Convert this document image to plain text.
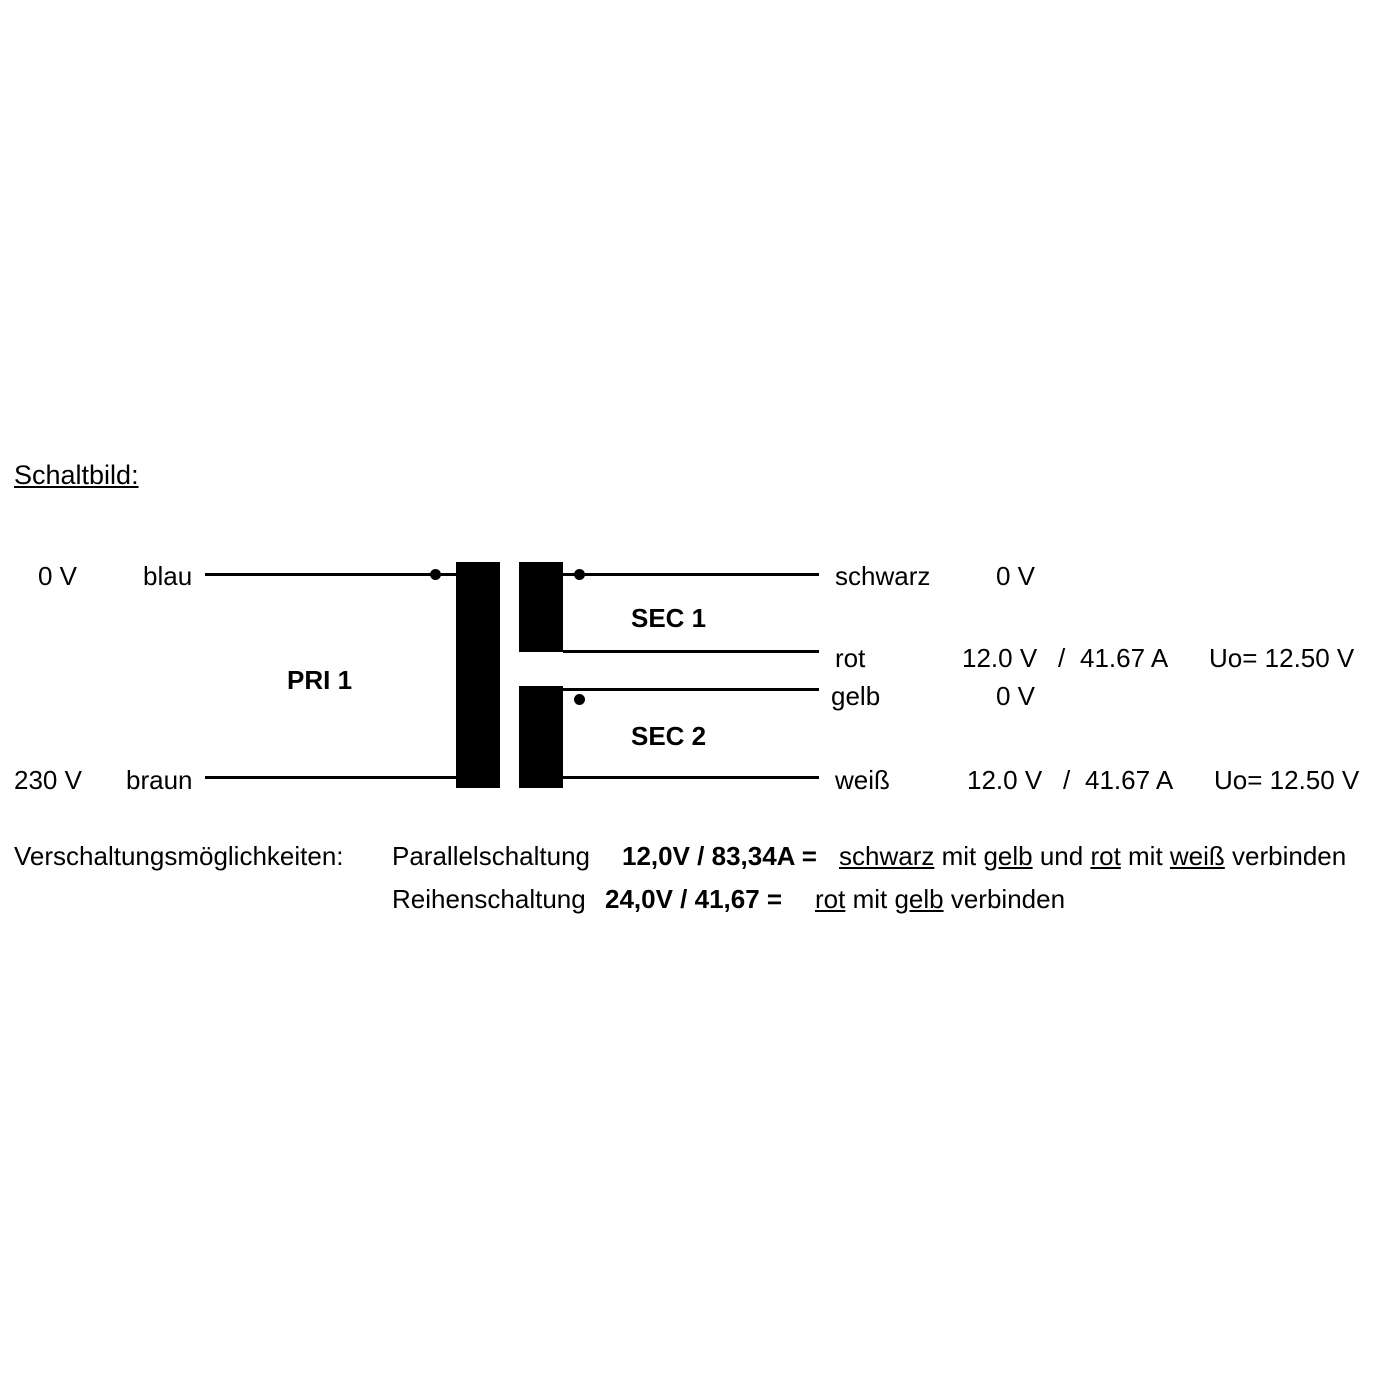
Schaltbild:
0 V	blau
230 V braun
PRI 1
SEC 1
schwarz	0 V
rot	12.0 V / 41.67 A Uo= 12.50 V
SEC 2
gelb	0 V
weiß	12.0 V / 41.67 A Uo= 12.50 V
Verschaltungsmöglichkeiten: Parallelschaltung 12,0V / 83,34A = schwarz mit gelb und rot mit weiß verbinden
Reihenschaltung 24,0V / 41,67 = rot mit gelb verbinden
